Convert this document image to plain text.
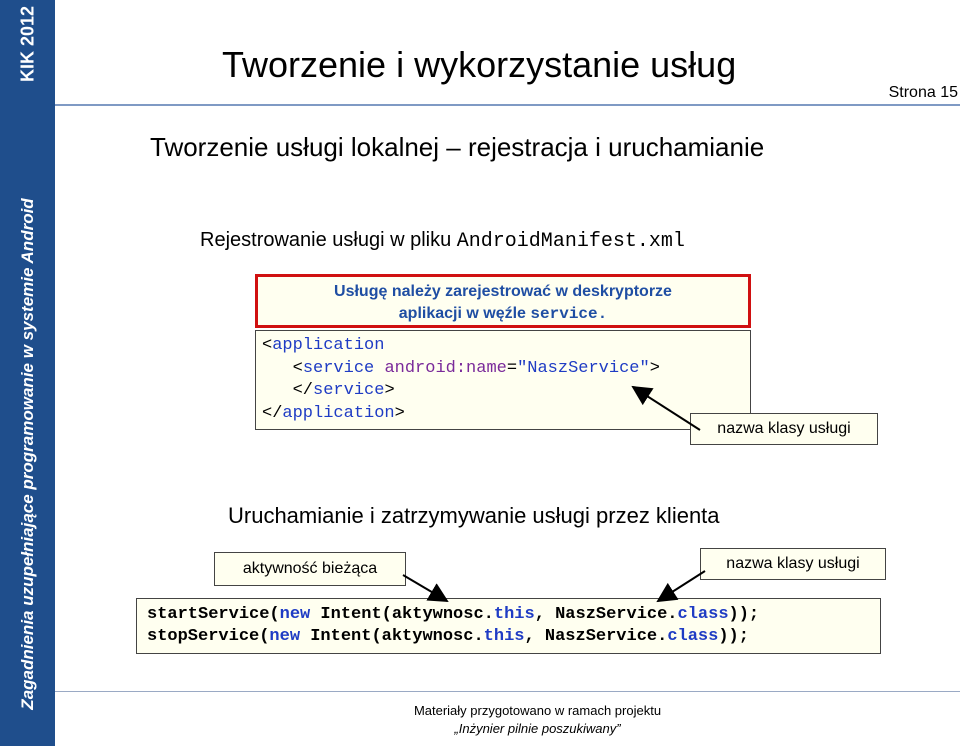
KIK 2012
Zagadnienia uzupełniające programowanie w systemie Android
Tworzenie i wykorzystanie usług
Strona 15
Tworzenie usługi lokalnej – rejestracja i uruchamianie
Rejestrowanie usługi w pliku AndroidManifest.xml
Usługę należy zarejestrować w deskryptorze
aplikacji w węźle service.
<application
<service android:name="NaszService">
</service>
</application>
nazwa klasy usługi
Uruchamianie i zatrzymywanie usługi przez klienta
aktywność bieżąca	nazwa klasy usługi
startService(new Intent(aktywnosc.this, NaszService.class));
stopService(new Intent(aktywnosc.this, NaszService.class));
Materiały przygotowano w ramach projektu
„Inżynier pilnie poszukiwany”
